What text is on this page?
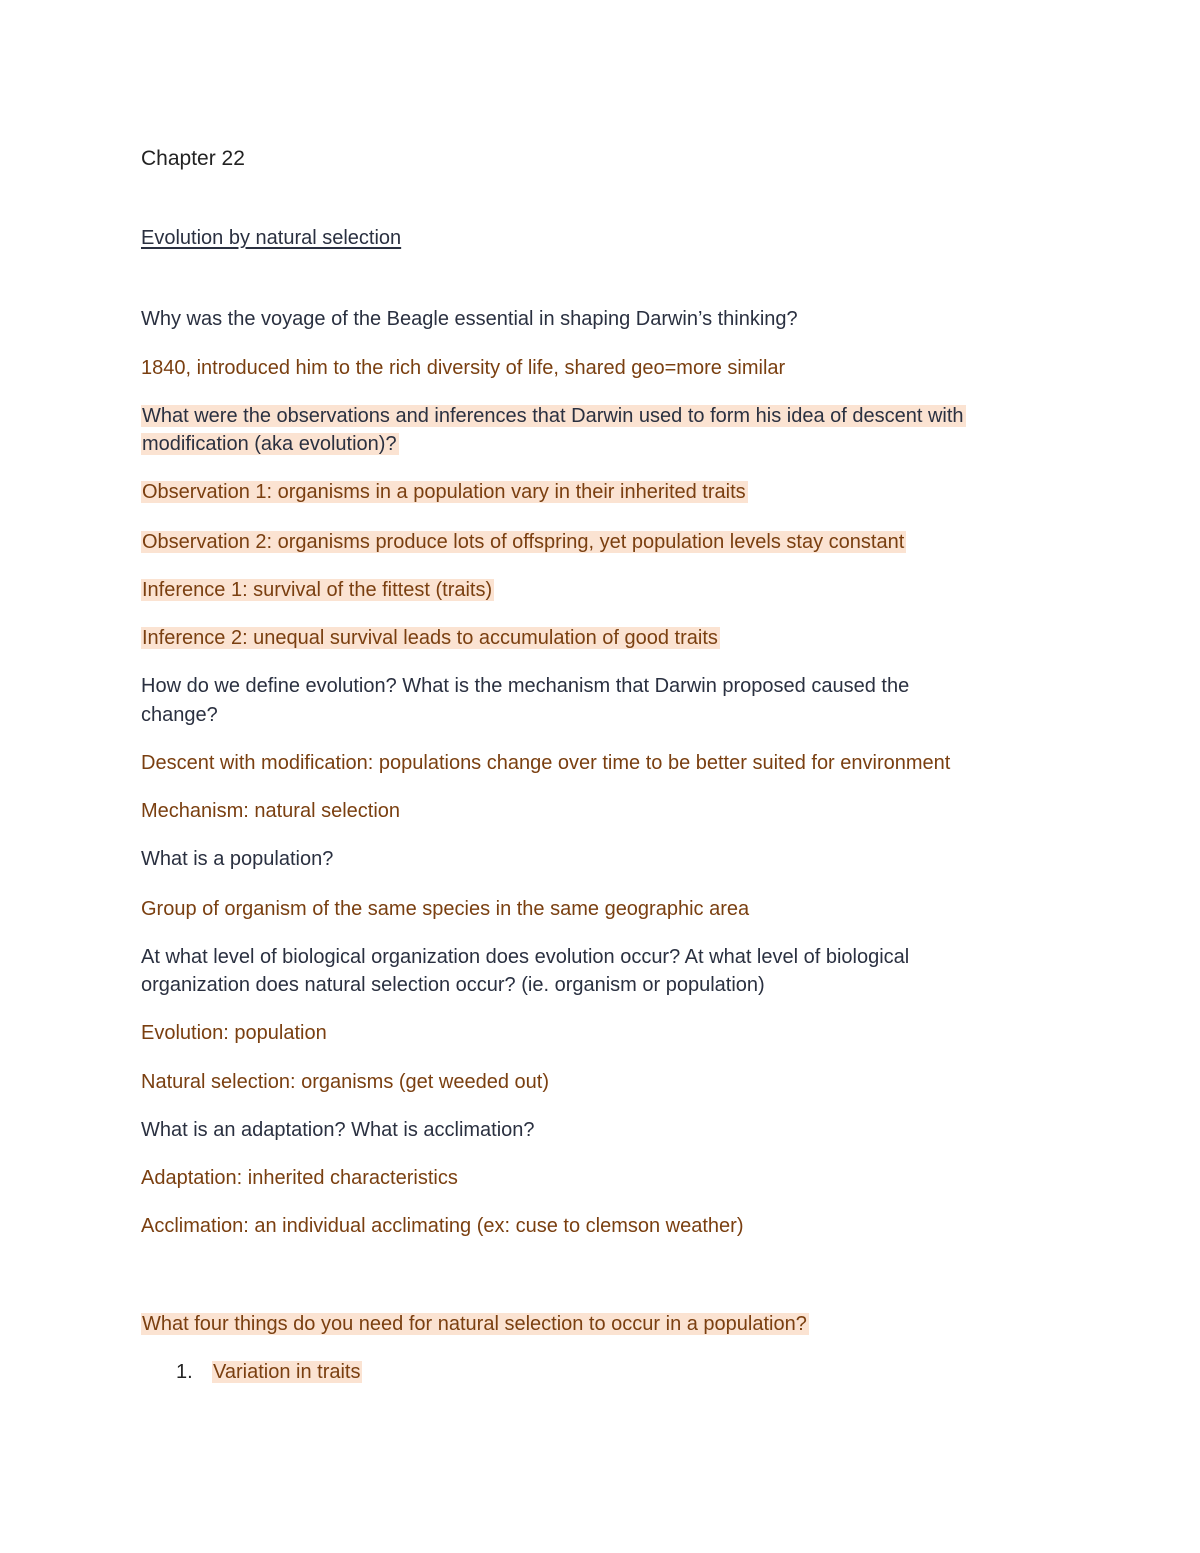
Chapter 22
Evolution by natural selection
Why was the voyage of the Beagle essential in shaping Darwin’s thinking?
1840, introduced him to the rich diversity of life, shared geo=more similar
What were the observations and inferences that Darwin used to form his idea of descent with
modification (aka evolution)?
Observation 1: organisms in a population vary in their inherited traits
Observation 2: organisms produce lots of offspring, yet population levels stay constant
Inference 1: survival of the fittest (traits)
Inference 2: unequal survival leads to accumulation of good traits
How do we define evolution? What is the mechanism that Darwin proposed caused the
change?
Descent with modification: populations change over time to be better suited for environment
Mechanism: natural selection
What is a population?
Group of organism of the same species in the same geographic area
At what level of biological organization does evolution occur? At what level of biological
organization does natural selection occur? (ie. organism or population)
Evolution: population
Natural selection: organisms (get weeded out)
What is an adaptation? What is acclimation?
Adaptation: inherited characteristics
Acclimation: an individual acclimating (ex: cuse to clemson weather)
What four things do you need for natural selection to occur in a population?
1. Variation in traits
